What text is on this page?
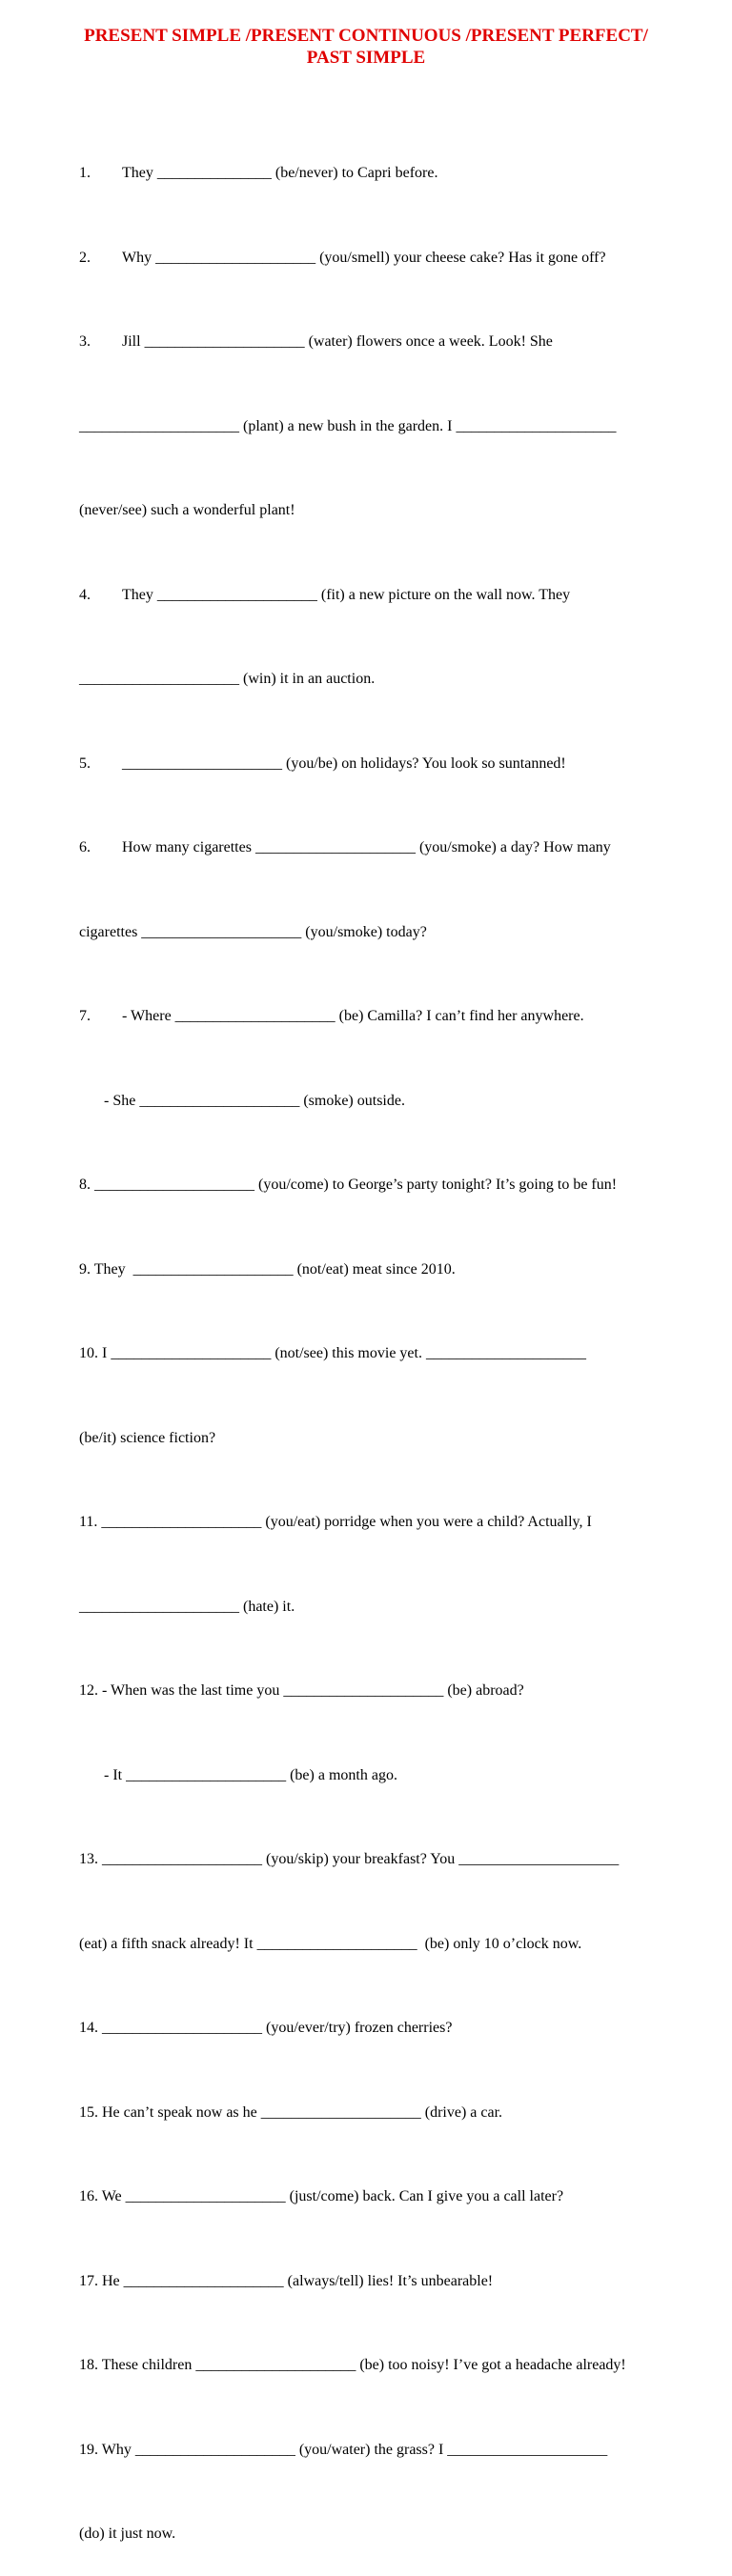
PRESENT SIMPLE /PRESENT CONTINUOUS /PRESENT PERFECT/
PAST SIMPLE

1.	They _______________ (be/never) to Capri before.

2.	Why _____________________ (you/smell) your cheese cake? Has it gone off?

3.	Jill _____________________ (water) flowers once a week. Look! She

_____________________ (plant) a new bush in the garden. I _____________________

(never/see) such a wonderful plant!

4.	They _____________________ (fit) a new picture on the wall now. They

_____________________ (win) it in an auction.

5.	_____________________ (you/be) on holidays? You look so suntanned!

6.	How many cigarettes _____________________ (you/smoke) a day? How many

cigarettes _____________________ (you/smoke) today?

7.	- Where _____________________ (be) Camilla? I can’t find her anywhere.

- She _____________________ (smoke) outside.

8. _____________________ (you/come) to George’s party tonight? It’s going to be fun!

9. They  _____________________ (not/eat) meat since 2010.

10. I _____________________ (not/see) this movie yet. _____________________

(be/it) science fiction?

11. _____________________ (you/eat) porridge when you were a child? Actually, I

_____________________ (hate) it.

12. - When was the last time you _____________________ (be) abroad?

- It _____________________ (be) a month ago.

13. _____________________ (you/skip) your breakfast? You _____________________

(eat) a fifth snack already! It _____________________  (be) only 10 o’clock now.

14. _____________________ (you/ever/try) frozen cherries?

15. He can’t speak now as he _____________________ (drive) a car.

16. We _____________________ (just/come) back. Can I give you a call later?

17. He _____________________ (always/tell) lies! It’s unbearable!

18. These children _____________________ (be) too noisy! I’ve got a headache already!

19. Why _____________________ (you/water) the grass? I _____________________

(do) it just now.
